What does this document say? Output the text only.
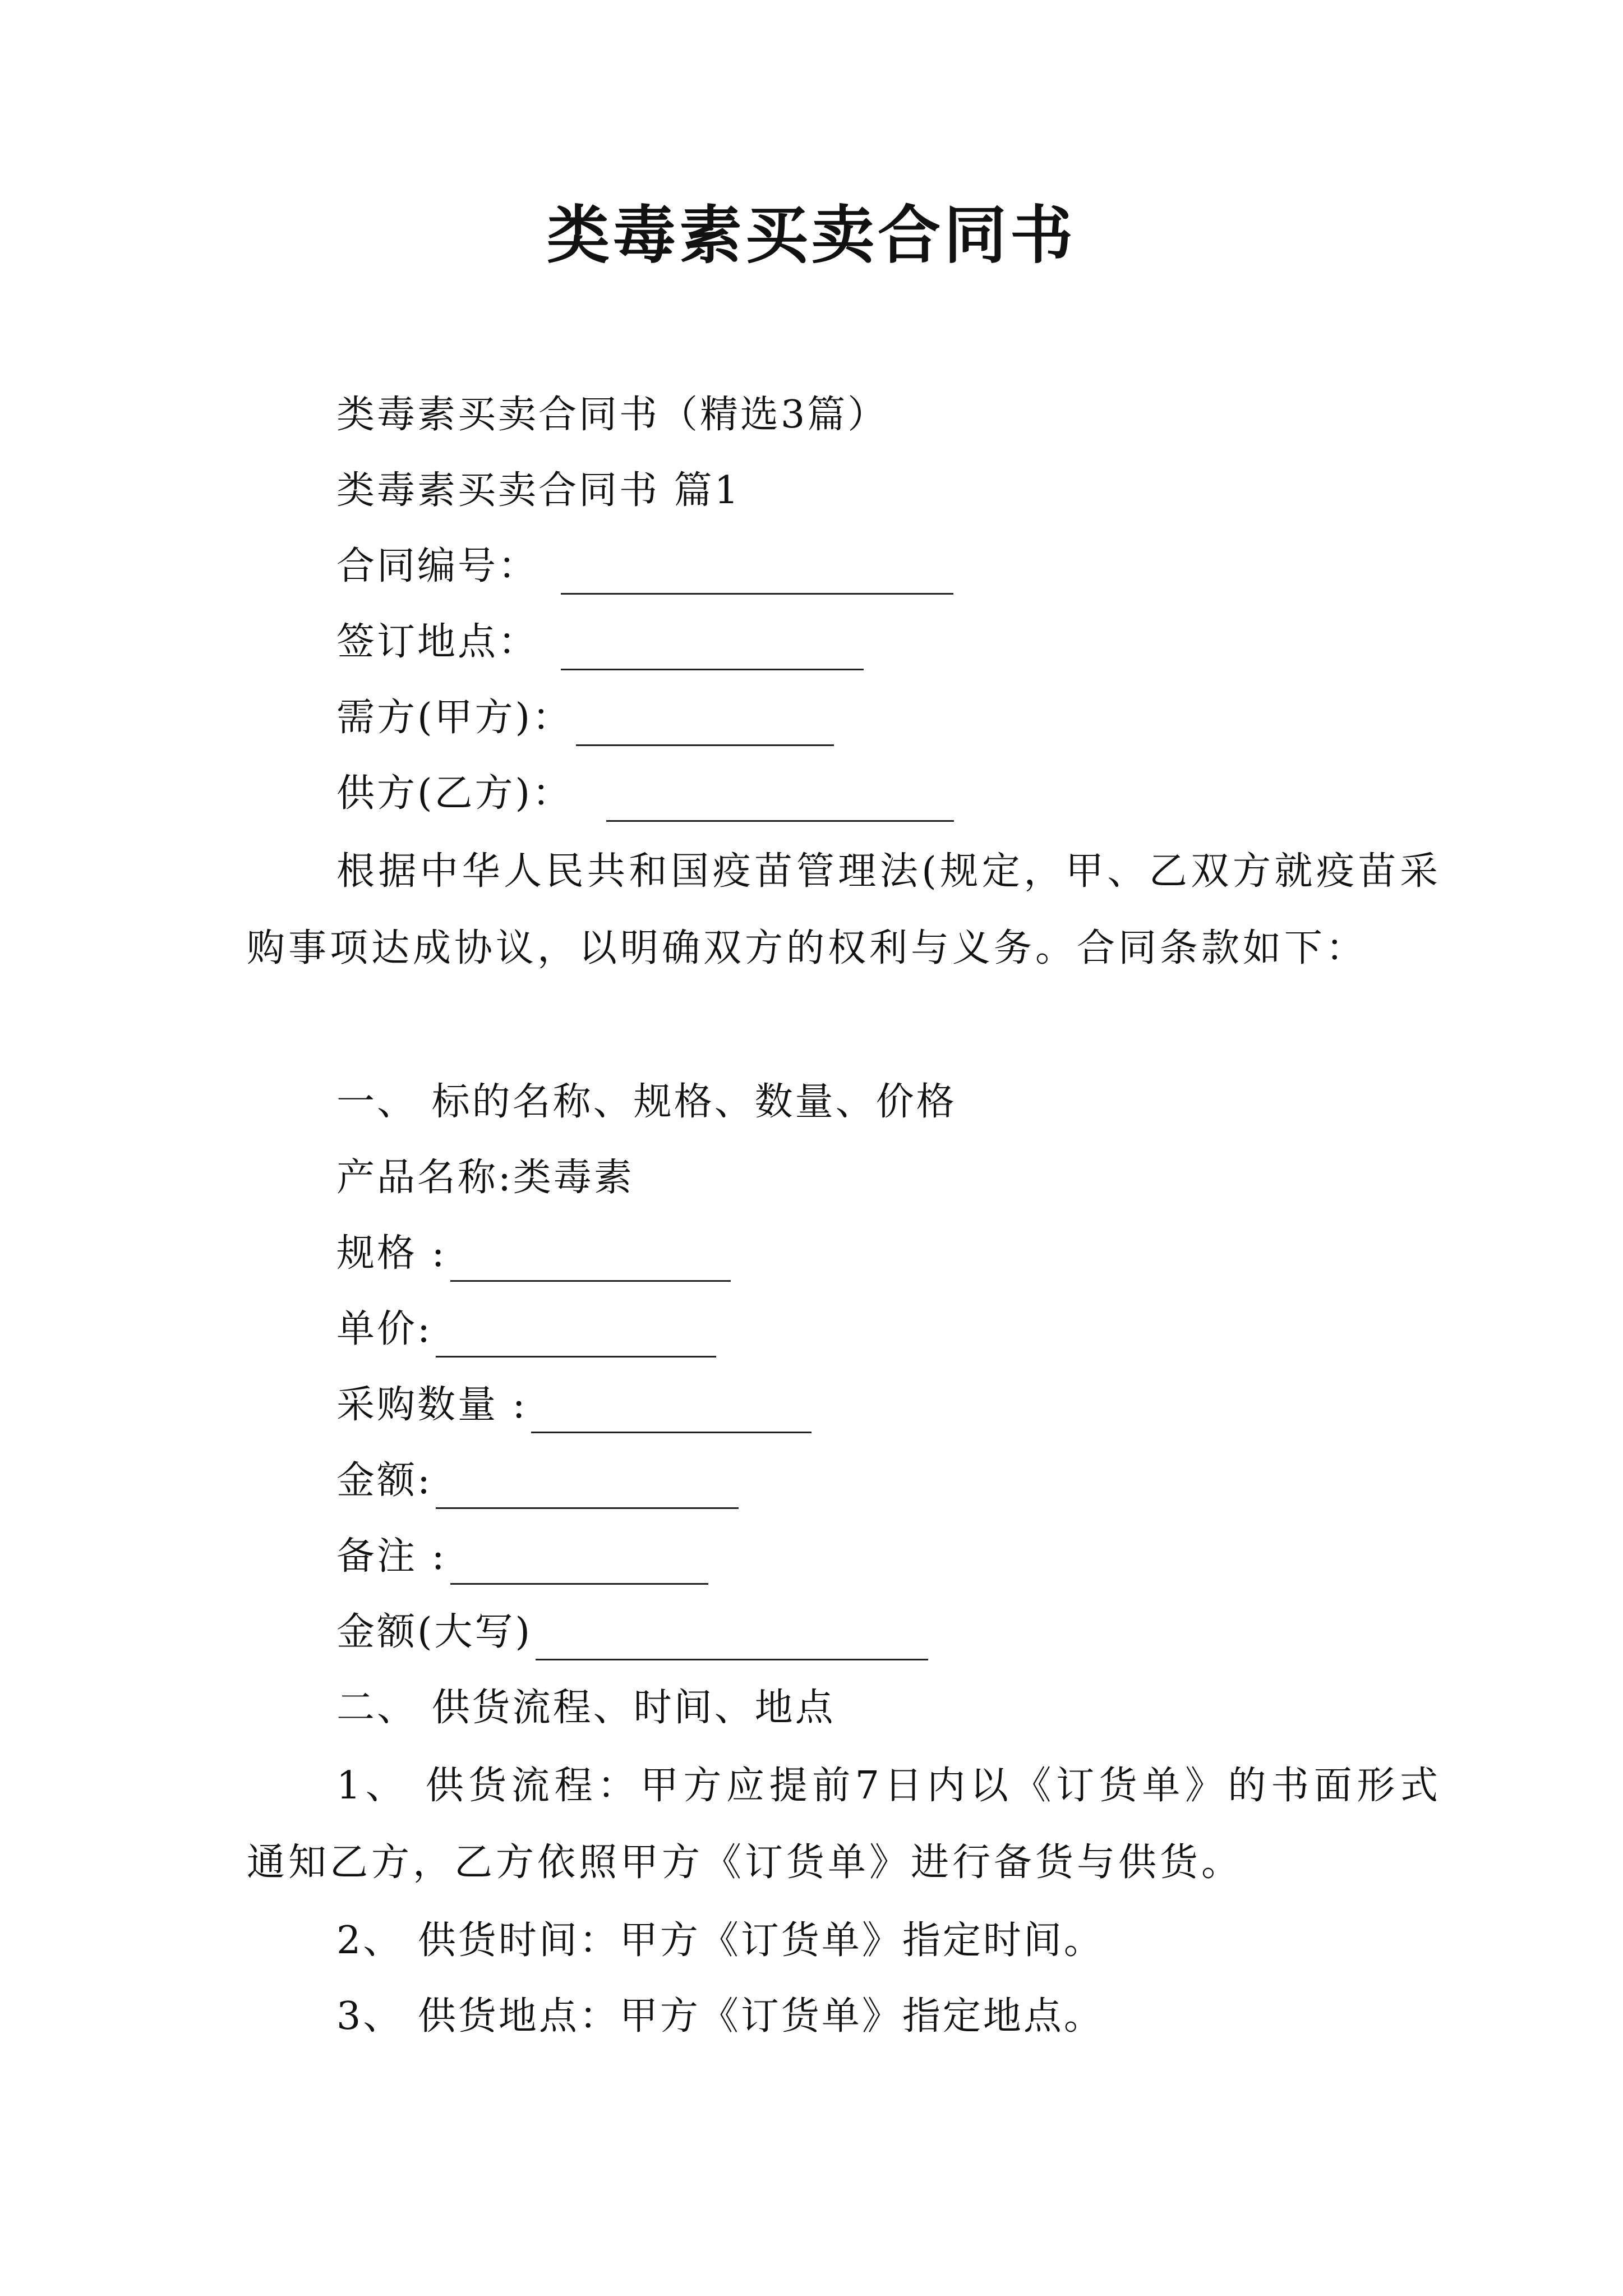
类毒素买卖合同书
类毒素买卖合同书（精选3篇）
类毒素买卖合同书 篇1
合同编号：
签订地点：
需方(甲方)：
供方(乙方)：
根据中华人民共和国疫苗管理法(规定，甲、乙双方就疫苗采购事项达成协议，以明确双方的权利与义务。合同条款如下：
一、 标的名称、规格、数量、价格
产品名称:类毒素
规格 :
单价:
采购数量 :
金额:
备注 :
金额(大写)
二、 供货流程、时间、地点
1、 供货流程：甲方应提前7日内以《订货单》的书面形式通知乙方，乙方依照甲方《订货单》进行备货与供货。
2、 供货时间：甲方《订货单》指定时间。
3、 供货地点：甲方《订货单》指定地点。
